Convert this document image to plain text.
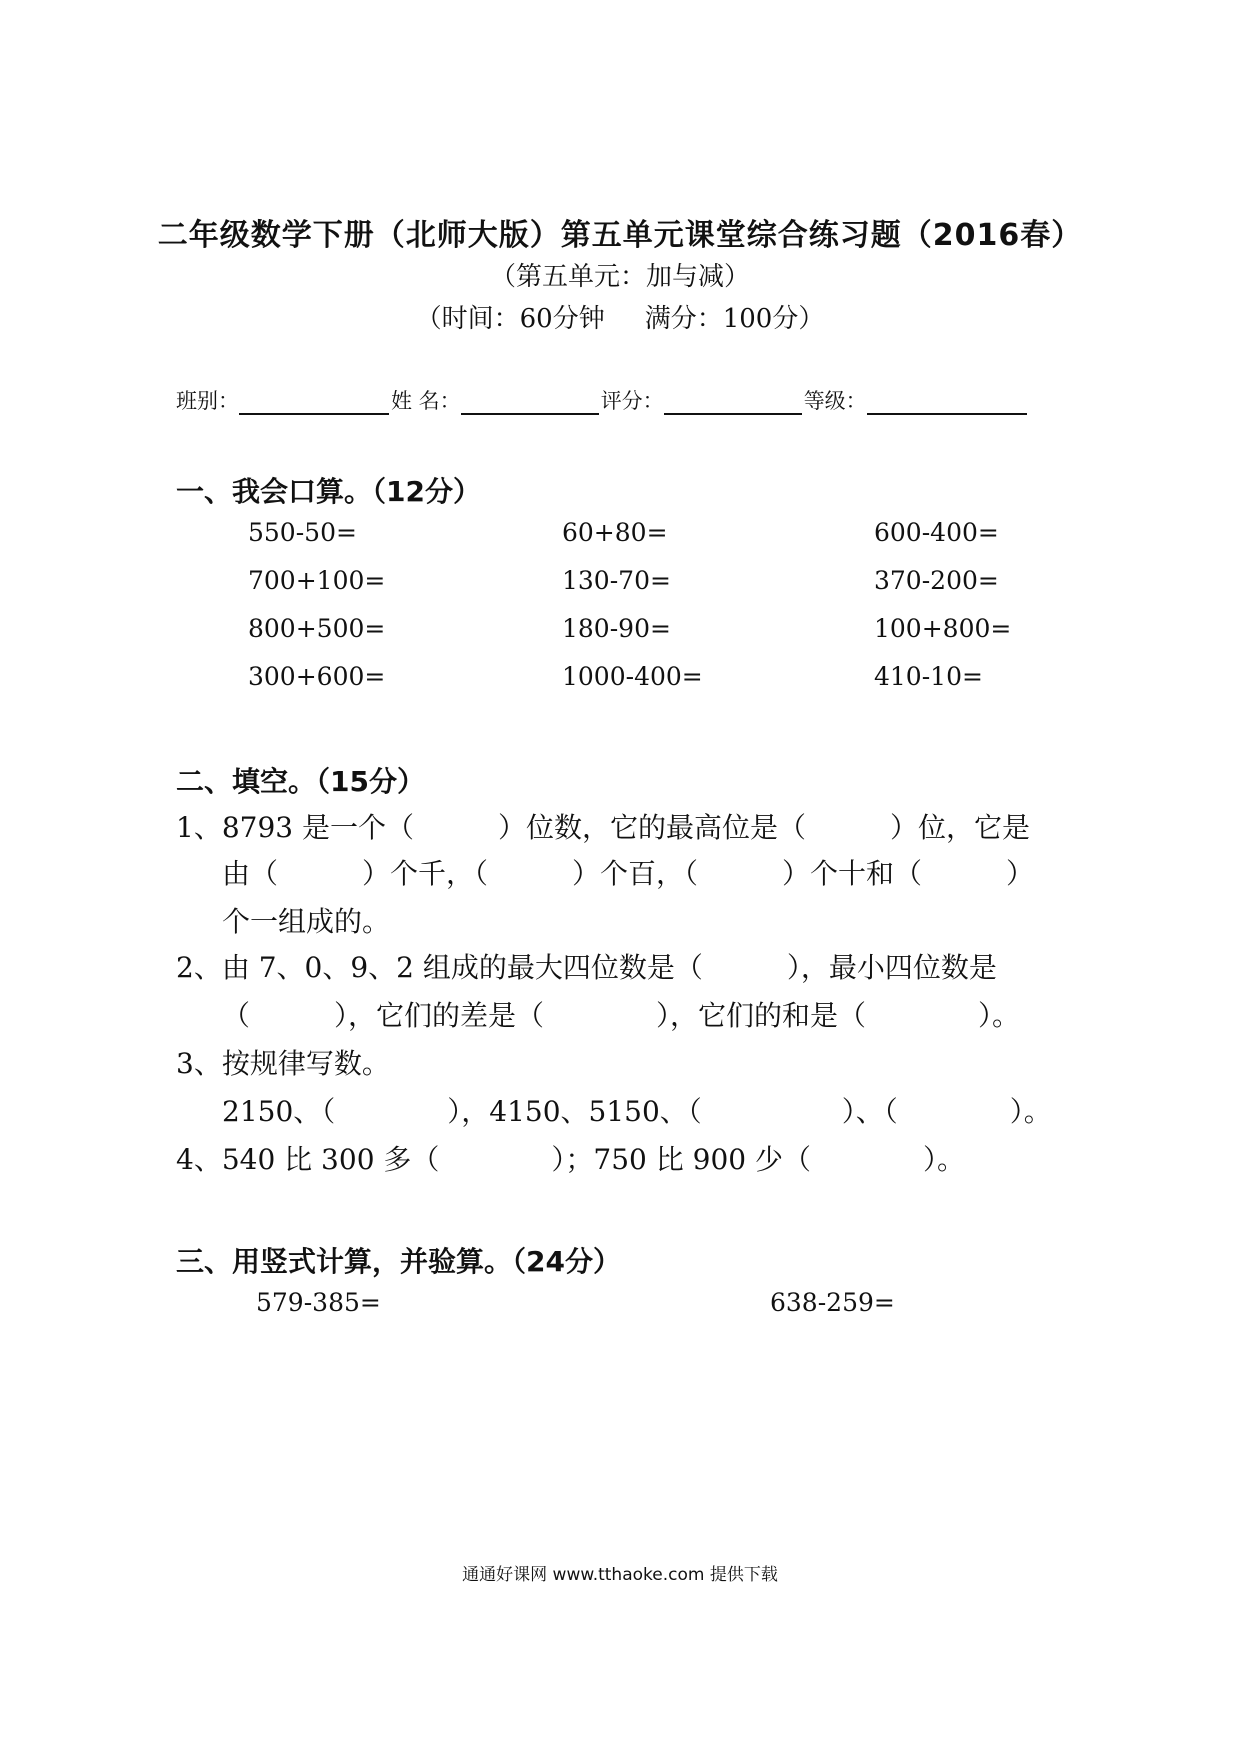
二年级数学下册（北师大版）第五单元课堂综合练习题（2016春）
（第五单元：加与减）
（时间：60分钟 满分：100分）
班别：	姓 名：	评分：	等级：
一、我会口算。（12分）
550-50=	60+80=	600-400=
700+100=	130-70=	370-200=
800+500=	180-90=	100+800=
300+600=	1000-400=	410-10=
二、填空。（15分）
1、8793 是一个（　　　）位数，它的最高位是（　　　）位，它是
由（　　　）个千，（　　　）个百，（　　　）个十和（　　　）
个一组成的。
2、由 7、0、9、2 组成的最大四位数是（　　　），最小四位数是
（　　　），它们的差是（　　　　），它们的和是（　　　　）。
3、按规律写数。
2150、（　　　　），4150、5150、（　　　　　）、（　　　　）。
4、540 比 300 多（　　　　）；750 比 900 少（　　　　）。
三、用竖式计算，并验算。（24分）
579-385=	638-259=
通通好课网 www.tthaoke.com 提供下载
